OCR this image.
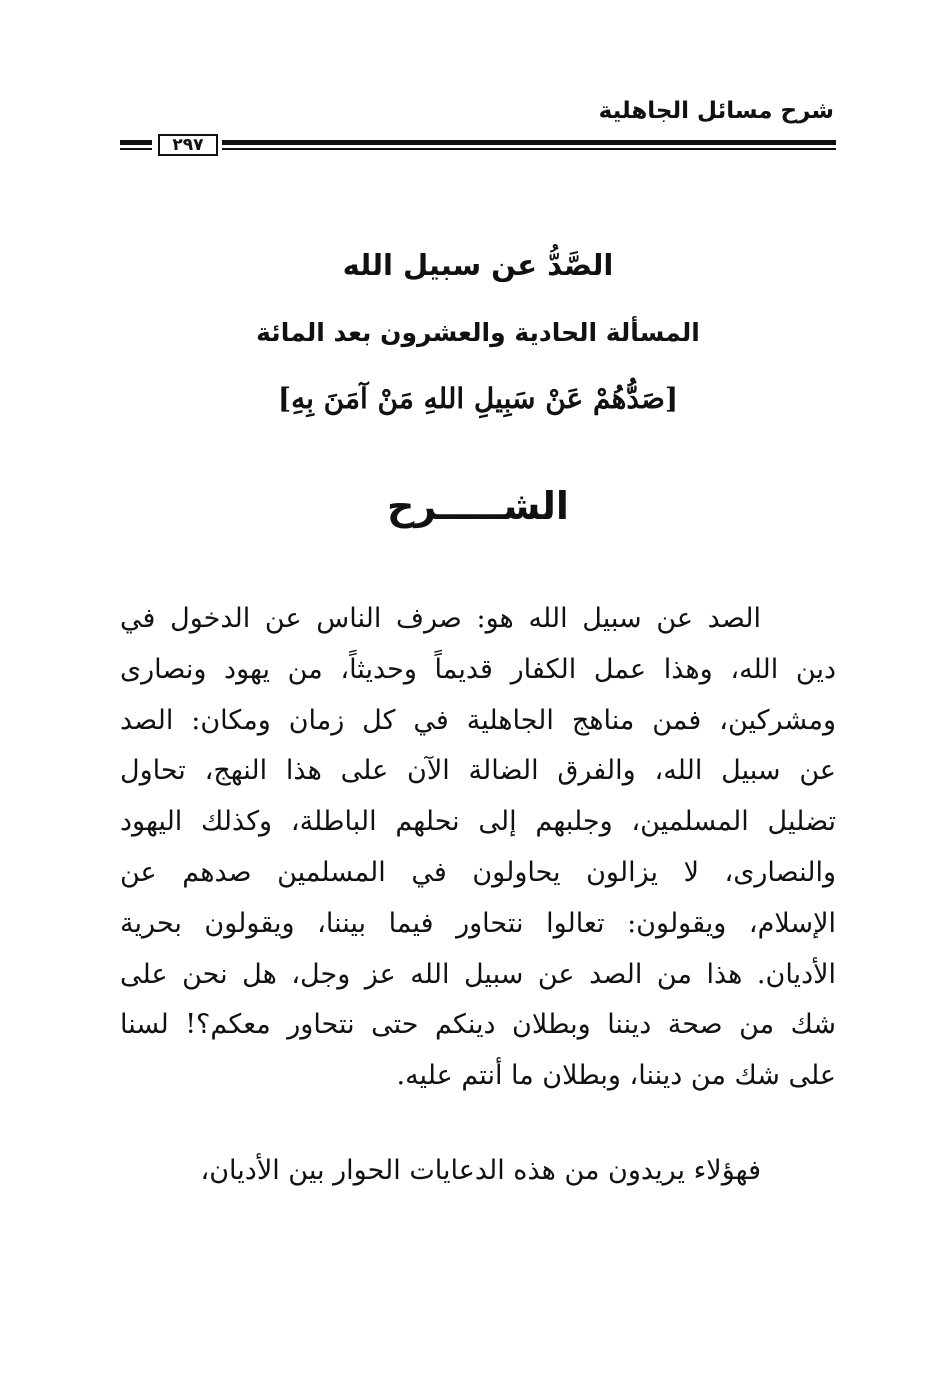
شرح مسائل الجاهلية
٢٩٧
الصَّدُّ عن سبيل الله
المسألة الحادية والعشرون بعد المائة
[صَدُّهُمْ عَنْ سَبِيلِ اللهِ مَنْ آمَنَ بِهِ]
الشـــــرح
الصد عن سبيل الله هو: صرف الناس عن الدخول في
دين الله، وهذا عمل الكفار قديماً وحديثاً، من يهود ونصارى
ومشركين، فمن مناهج الجاهلية في كل زمان ومكان: الصد
عن سبيل الله، والفرق الضالة الآن على هذا النهج، تحاول
تضليل المسلمين، وجلبهم إلى نحلهم الباطلة، وكذلك اليهود
والنصارى، لا يزالون يحاولون في المسلمين صدهم عن
الإسلام، ويقولون: تعالوا نتحاور فيما بيننا، ويقولون بحرية
الأديان. هذا من الصد عن سبيل الله عز وجل، هل نحن على
شك من صحة ديننا وبطلان دينكم حتى نتحاور معكم؟! لسنا
على شك من ديننا، وبطلان ما أنتم عليه.
فهؤلاء يريدون من هذه الدعايات الحوار بين الأديان،
